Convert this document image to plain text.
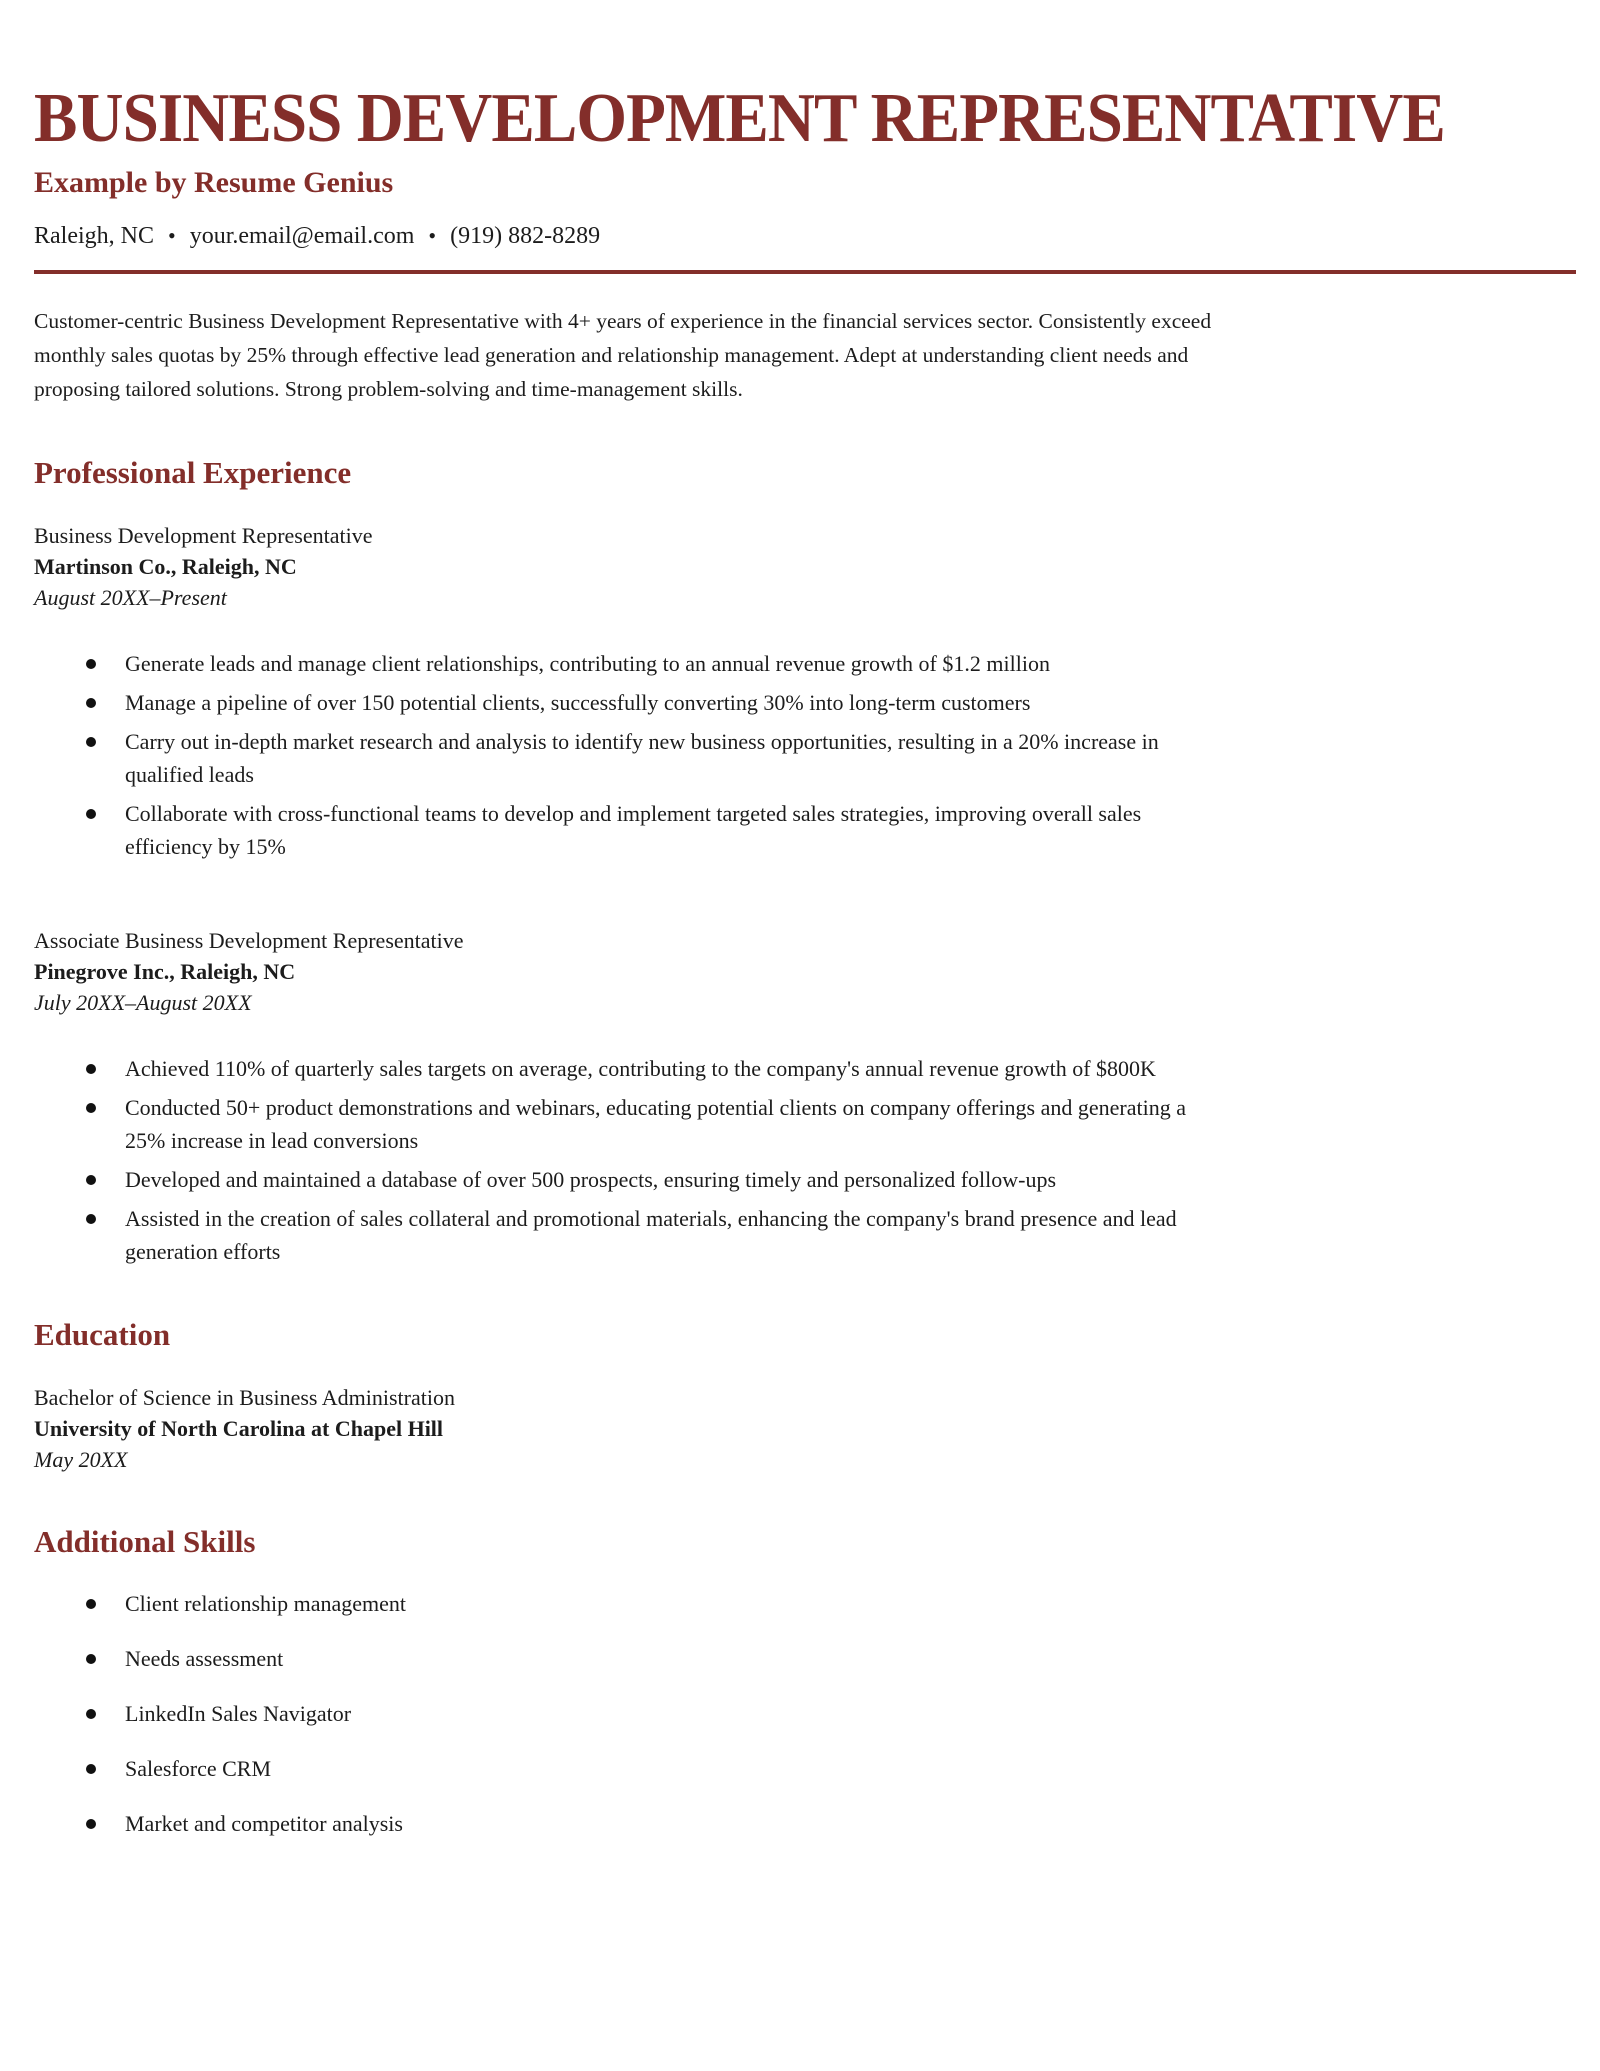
BUSINESS DEVELOPMENT REPRESENTATIVE
Example by Resume Genius
Raleigh, NC • your.email@email.com • (919) 882-8289

Customer-centric Business Development Representative with 4+ years of experience in the financial services sector. Consistently exceed monthly sales quotas by 25% through effective lead generation and relationship management. Adept at understanding client needs and proposing tailored solutions. Strong problem-solving and time-management skills.

Professional Experience
Business Development Representative
Martinson Co., Raleigh, NC
August 20XX–Present
Generate leads and manage client relationships, contributing to an annual revenue growth of $1.2 million
Manage a pipeline of over 150 potential clients, successfully converting 30% into long-term customers
Carry out in-depth market research and analysis to identify new business opportunities, resulting in a 20% increase in qualified leads
Collaborate with cross-functional teams to develop and implement targeted sales strategies, improving overall sales efficiency by 15%
Associate Business Development Representative
Pinegrove Inc., Raleigh, NC
July 20XX–August 20XX
Achieved 110% of quarterly sales targets on average, contributing to the company's annual revenue growth of $800K
Conducted 50+ product demonstrations and webinars, educating potential clients on company offerings and generating a 25% increase in lead conversions
Developed and maintained a database of over 500 prospects, ensuring timely and personalized follow-ups
Assisted in the creation of sales collateral and promotional materials, enhancing the company's brand presence and lead generation efforts
Education
Bachelor of Science in Business Administration
University of North Carolina at Chapel Hill
May 20XX
Additional Skills
Client relationship management
Needs assessment
LinkedIn Sales Navigator
Salesforce CRM
Market and competitor analysis
